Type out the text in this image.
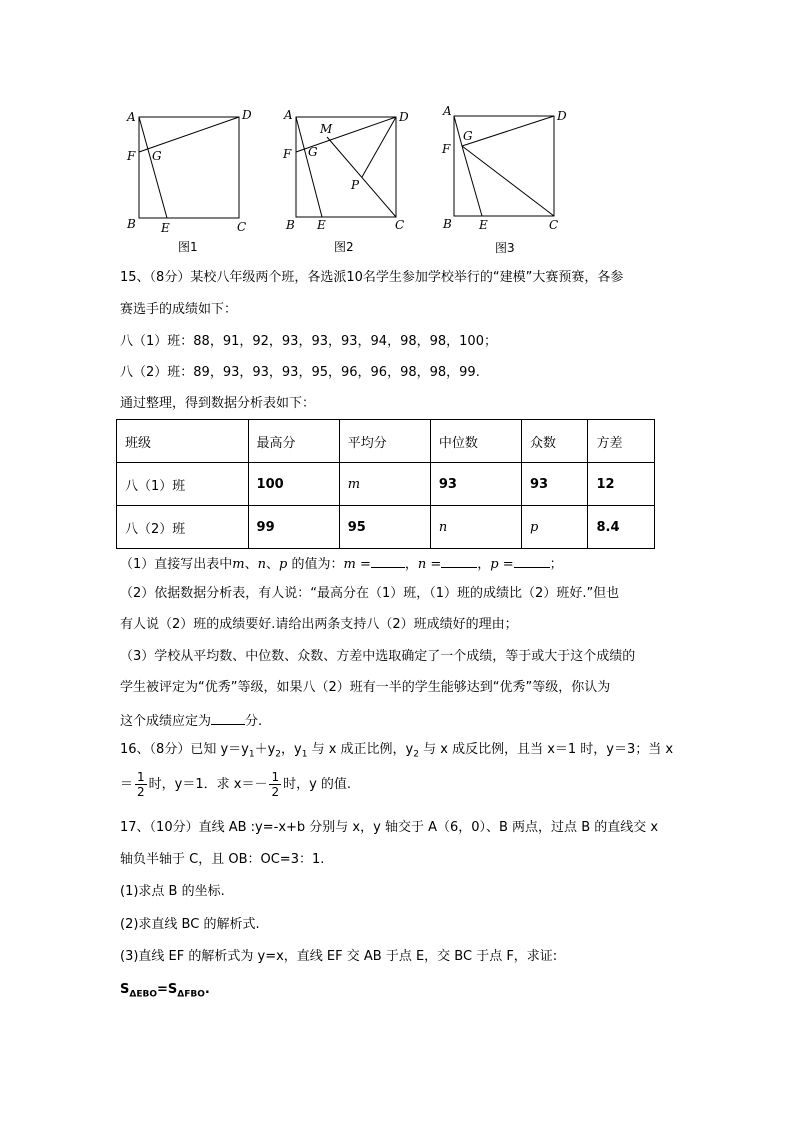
A	D
F G
B E	C
图1
A	D
M
F G
P
B E	C
图2
A	D
G
F
B E	C
图3
15、（8分）某校八年级两个班，各选派10名学生参加学校举行的“建模”大赛预赛，各参
赛选手的成绩如下：
八（1）班：88，91，92，93，93，93，94，98，98，100；
八（2）班：89，93，93，93，95，96，96，98，98，99.
通过整理，得到数据分析表如下：
班级	最高分	平均分	中位数	众数	方差
八（1）班	100	m	93	93	12
八（2）班	99	95	n	p	8.4
（1）直接写出表中m、n、p 的值为：m =	，n =	，p =	；
（2）依据数据分析表，有人说：“最高分在（1）班，（1）班的成绩比（2）班好.”但也
有人说（2）班的成绩要好.请给出两条支持八（2）班成绩好的理由；
（3）学校从平均数、中位数、众数、方差中选取确定了一个成绩，等于或大于这个成绩的
学生被评定为“优秀”等级，如果八（2）班有一半的学生能够达到“优秀”等级，你认为
这个成绩应定为	分.
16、（8分）已知 $y=y_1+y_2$，$y_1$ 与 x 成正比例，$y_2$ 与 x 成反比例，且当 x＝1 时，y＝3；当 x
＝ $\frac{1}{2}$ 时，y＝1．求 $x=- \frac{1}{2}$ 时，y 的值.
17、（10分）直线 AB :y=-x+b 分别与 x，y 轴交于 A（6，0）、B 两点，过点 B 的直线交 x
轴负半轴于 C，且 OB：OC=3：1.
(1)求点 B 的坐标.
(2)求直线 BC 的解析式.
(3)直线 EF 的解析式为 y=x，直线 EF 交 AB 于点 E，交 BC 于点 F，求证:
$S_{\Delta EBO}=S_{\Delta FBO}$.
